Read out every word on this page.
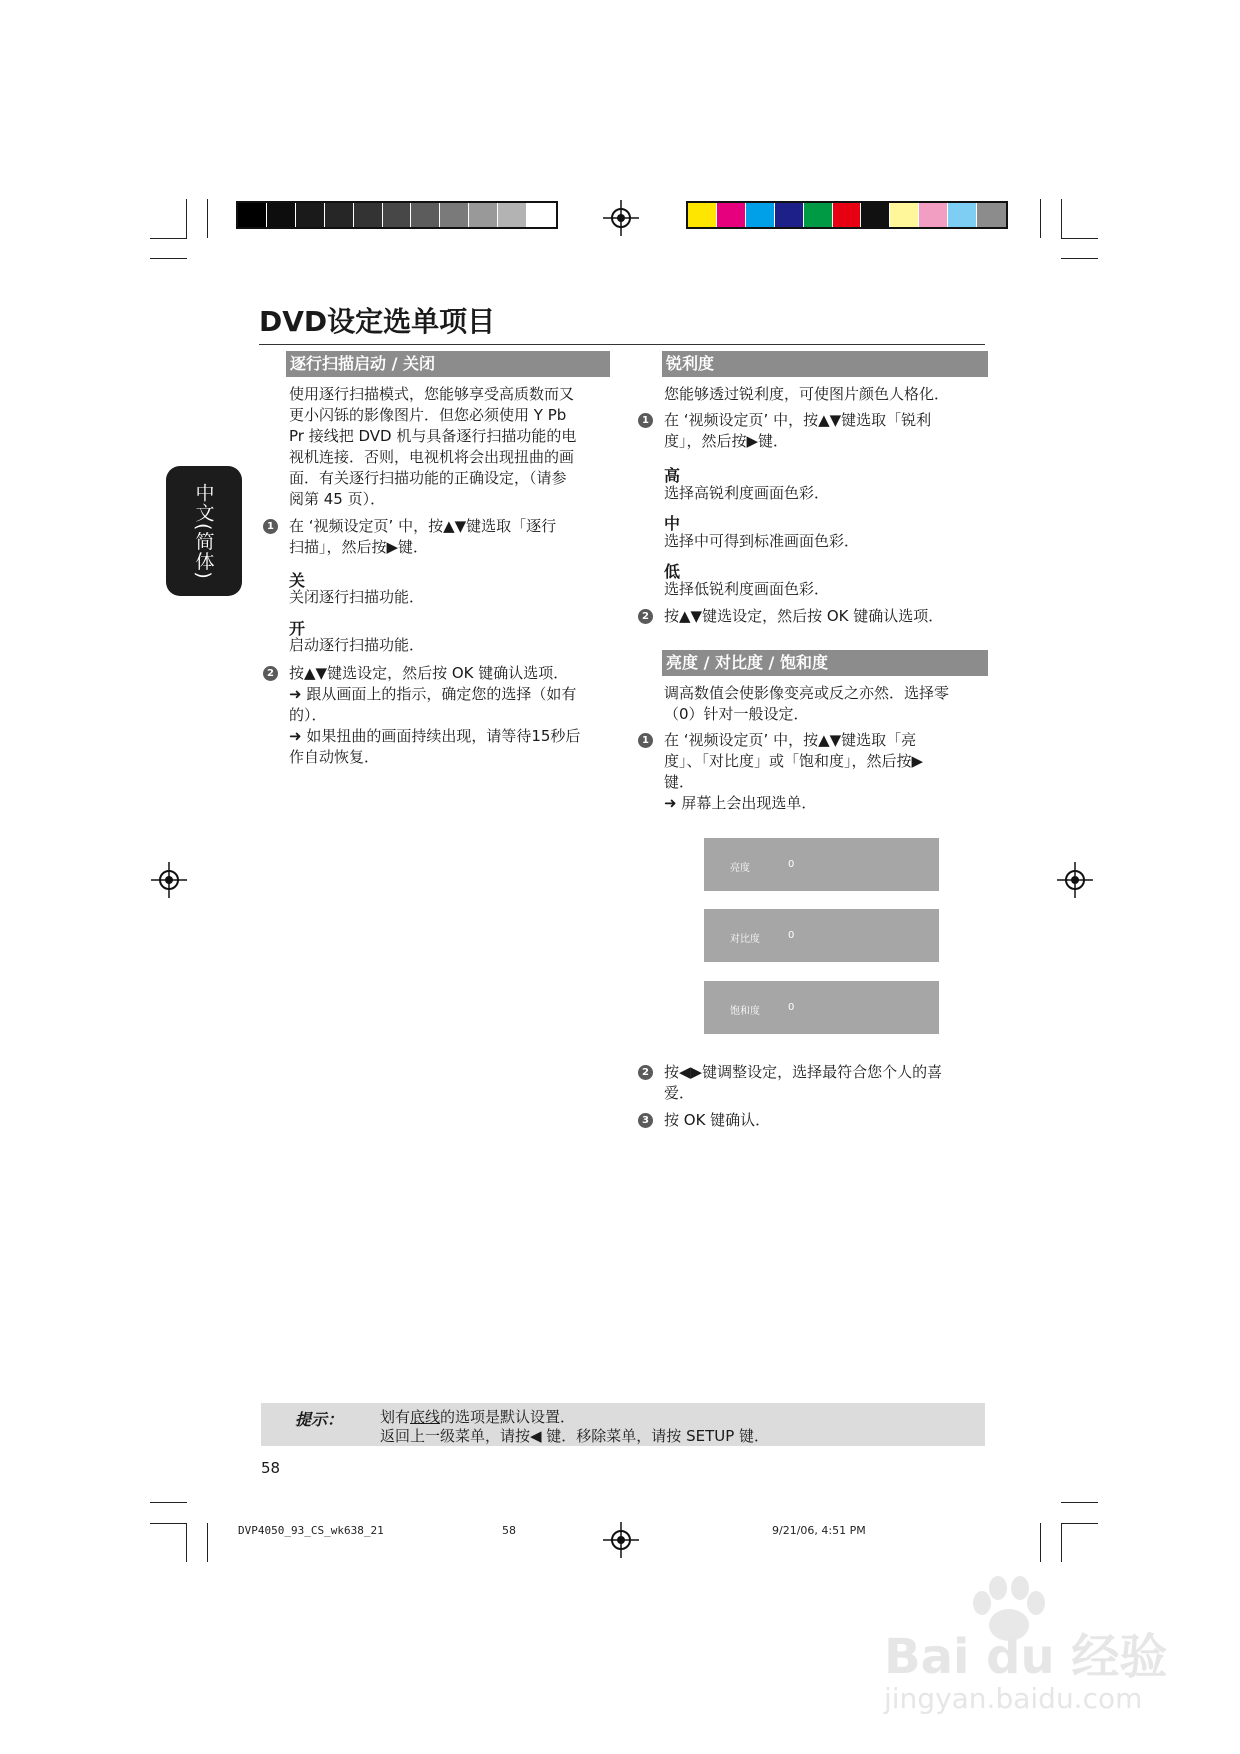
DVD设定选单项目
中文(简体)
逐行扫描启动 / 关闭
使用逐行扫描模式，您能够享受高质数而又
更小闪铄的影像图片．但您必须使用 Y Pb
Pr 接线把 DVD 机与具备逐行扫描功能的电
视机连接．否则，电视机将会出现扭曲的画
面．有关逐行扫描功能的正确设定，（请参
阅第 45 页）．
1 在 ‘视频设定页’ 中，按▲▼键选取「逐行
扫描」，然后按▶键．
关
关闭逐行扫描功能．
开
启动逐行扫描功能．
2 按▲▼键选设定，然后按 OK 键确认选项．
➜ 跟从画面上的指示，确定您的选择（如有
的）．
➜ 如果扭曲的画面持续出现，请等待15秒后
作自动恢复．
锐利度
您能够透过锐利度，可使图片颜色人格化．
1 在 ‘视频设定页’ 中，按▲▼键选取「锐利
度」，然后按▶键．
高
选择高锐利度画面色彩．
中
选择中可得到标准画面色彩．
低
选择低锐利度画面色彩．
2 按▲▼键选设定，然后按 OK 键确认选项．
亮度 / 对比度 / 饱和度
调高数值会使影像变亮或反之亦然．选择零
（0）针对一般设定．
1 在 ‘视频设定页’ 中，按▲▼键选取「亮
度」、「对比度」或「饱和度」，然后按▶
键．
➜ 屏幕上会出现选单．
亮度	0
对比度	0
饱和度	0
2 按◀▶键调整设定，选择最符合您个人的喜
爱．
3 按 OK 键确认．
提示： 划有底线的选项是默认设置．
返回上一级菜单，请按◀ 键．移除菜单，请按 SETUP 键．
58
DVP4050_93_CS_wk638_21	58	9/21/06, 4:51 PM
Bai du 经验
jingyan.baidu.com
